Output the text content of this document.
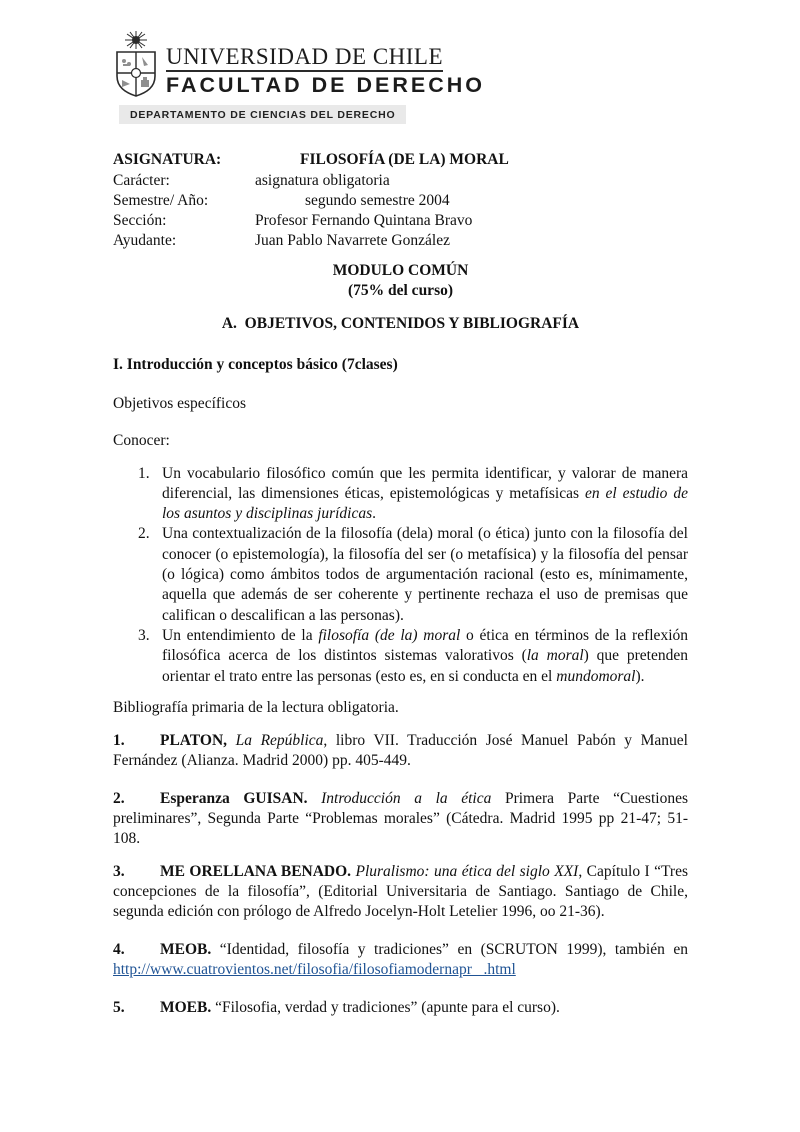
UNIVERSIDAD DE CHILE
FACULTAD DE DERECHO
DEPARTAMENTO DE CIENCIAS DEL DERECHO
ASIGNATURA:	FILOSOFÍA (DE LA) MORAL
Carácter:	asignatura obligatoria
Semestre/ Año:	segundo semestre 2004
Sección:	Profesor Fernando Quintana Bravo
Ayudante:	Juan Pablo Navarrete González
MODULO COMÚN
(75% del curso)
A.  OBJETIVOS, CONTENIDOS Y BIBLIOGRAFÍA
I. Introducción y conceptos básico (7clases)
Objetivos específicos
Conocer:
1. Un vocabulario filosófico común que les permita identificar, y valorar de manera diferencial, las dimensiones éticas, epistemológicas y metafísicas en el estudio de los asuntos y disciplinas jurídicas.
2. Una contextualización de la filosofía (dela) moral (o ética) junto con la filosofía del conocer (o epistemología), la filosofía del ser (o metafísica) y la filosofía del pensar (o lógica) como ámbitos todos de argumentación racional (esto es, mínimamente, aquella que además de ser coherente y pertinente rechaza el uso de premisas que califican o descalifican a las personas).
3. Un entendimiento de la filosofía (de la) moral o ética en términos de la reflexión filosófica acerca de los distintos sistemas valorativos (la moral) que pretenden orientar el trato entre las personas (esto es, en si conducta en el mundomoral).
Bibliografía primaria de la lectura obligatoria.
1. PLATON, La República, libro VII. Traducción José Manuel Pabón y Manuel Fernández (Alianza. Madrid 2000) pp. 405-449.
2. Esperanza GUISAN. Introducción a la ética Primera Parte “Cuestiones preliminares”, Segunda Parte “Problemas morales” (Cátedra. Madrid 1995 pp 21-47; 51-108.
3. ME ORELLANA BENADO. Pluralismo: una ética del siglo XXI, Capítulo I “Tres concepciones de la filosofía”, (Editorial Universitaria de Santiago. Santiago de Chile, segunda edición con prólogo de Alfredo Jocelyn-Holt Letelier 1996, oo 21-36).
4. MEOB. “Identidad, filosofía y tradiciones” en (SCRUTON 1999), también en http://www.cuatrovientos.net/filosofia/filosofiamodernapr_ .html
5. MOEB. “Filosofia, verdad y tradiciones” (apunte para el curso).
